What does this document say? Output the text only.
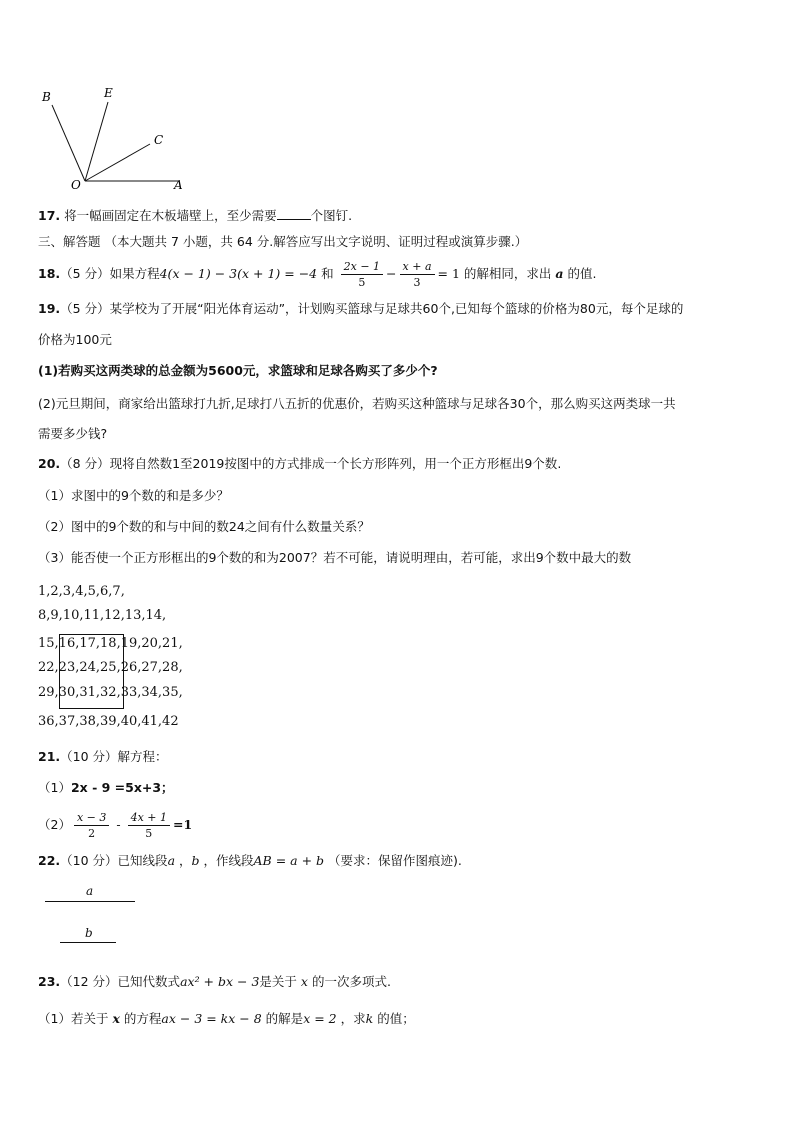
B	E
C
O	A
17. 将一幅画固定在木板墙壁上，至少需要	个图钉.
三、解答题 （本大题共 7 小题，共 64 分.解答应写出文字说明、证明过程或演算步骤.）
18.（5 分）如果方程4(x − 1) − 3(x + 1) = −4 和 $\frac{2x - 1}{5} - \frac{x + a}{3} = 1$ 的解相同，求出 a 的值.
19.（5 分）某学校为了开展“阳光体育运动”，计划购买篮球与足球共60个,已知每个篮球的价格为80元，每个足球的
价格为100元
(1)若购买这两类球的总金额为5600元，求篮球和足球各购买了多少个?
(2)元旦期间，商家给出篮球打九折,足球打八五折的优惠价，若购买这种篮球与足球各30个，那么购买这两类球一共
需要多少钱?
20.（8 分）现将自然数1至2019按图中的方式排成一个长方形阵列，用一个正方形框出9个数.
（1）求图中的9个数的和是多少？
（2）图中的9个数的和与中间的数24之间有什么数量关系？
（3）能否使一个正方形框出的9个数的和为2007？若不可能，请说明理由，若可能，求出9个数中最大的数
1,2,3,4,5,6,7,
8,9,10,11,12,13,14,
15,16,17,18,19,20,21,
22,23,24,25,26,27,28,
29,30,31,32,33,34,35,
36,37,38,39,40,41,42
21.（10 分）解方程：
（1）2x - 9 =5x+3；
$(2) \frac{x - 3}{2} - \frac{4x + 1}{5} =1$
22.（10 分）已知线段a ，b ，作线段AB = a + b （要求：保留作图痕迹).
a
b
23.（12 分）已知代数式ax² + bx − 3是关于 x 的一次多项式.
（1）若关于 x 的方程ax − 3 = kx − 8 的解是x = 2 ，求k 的值；
